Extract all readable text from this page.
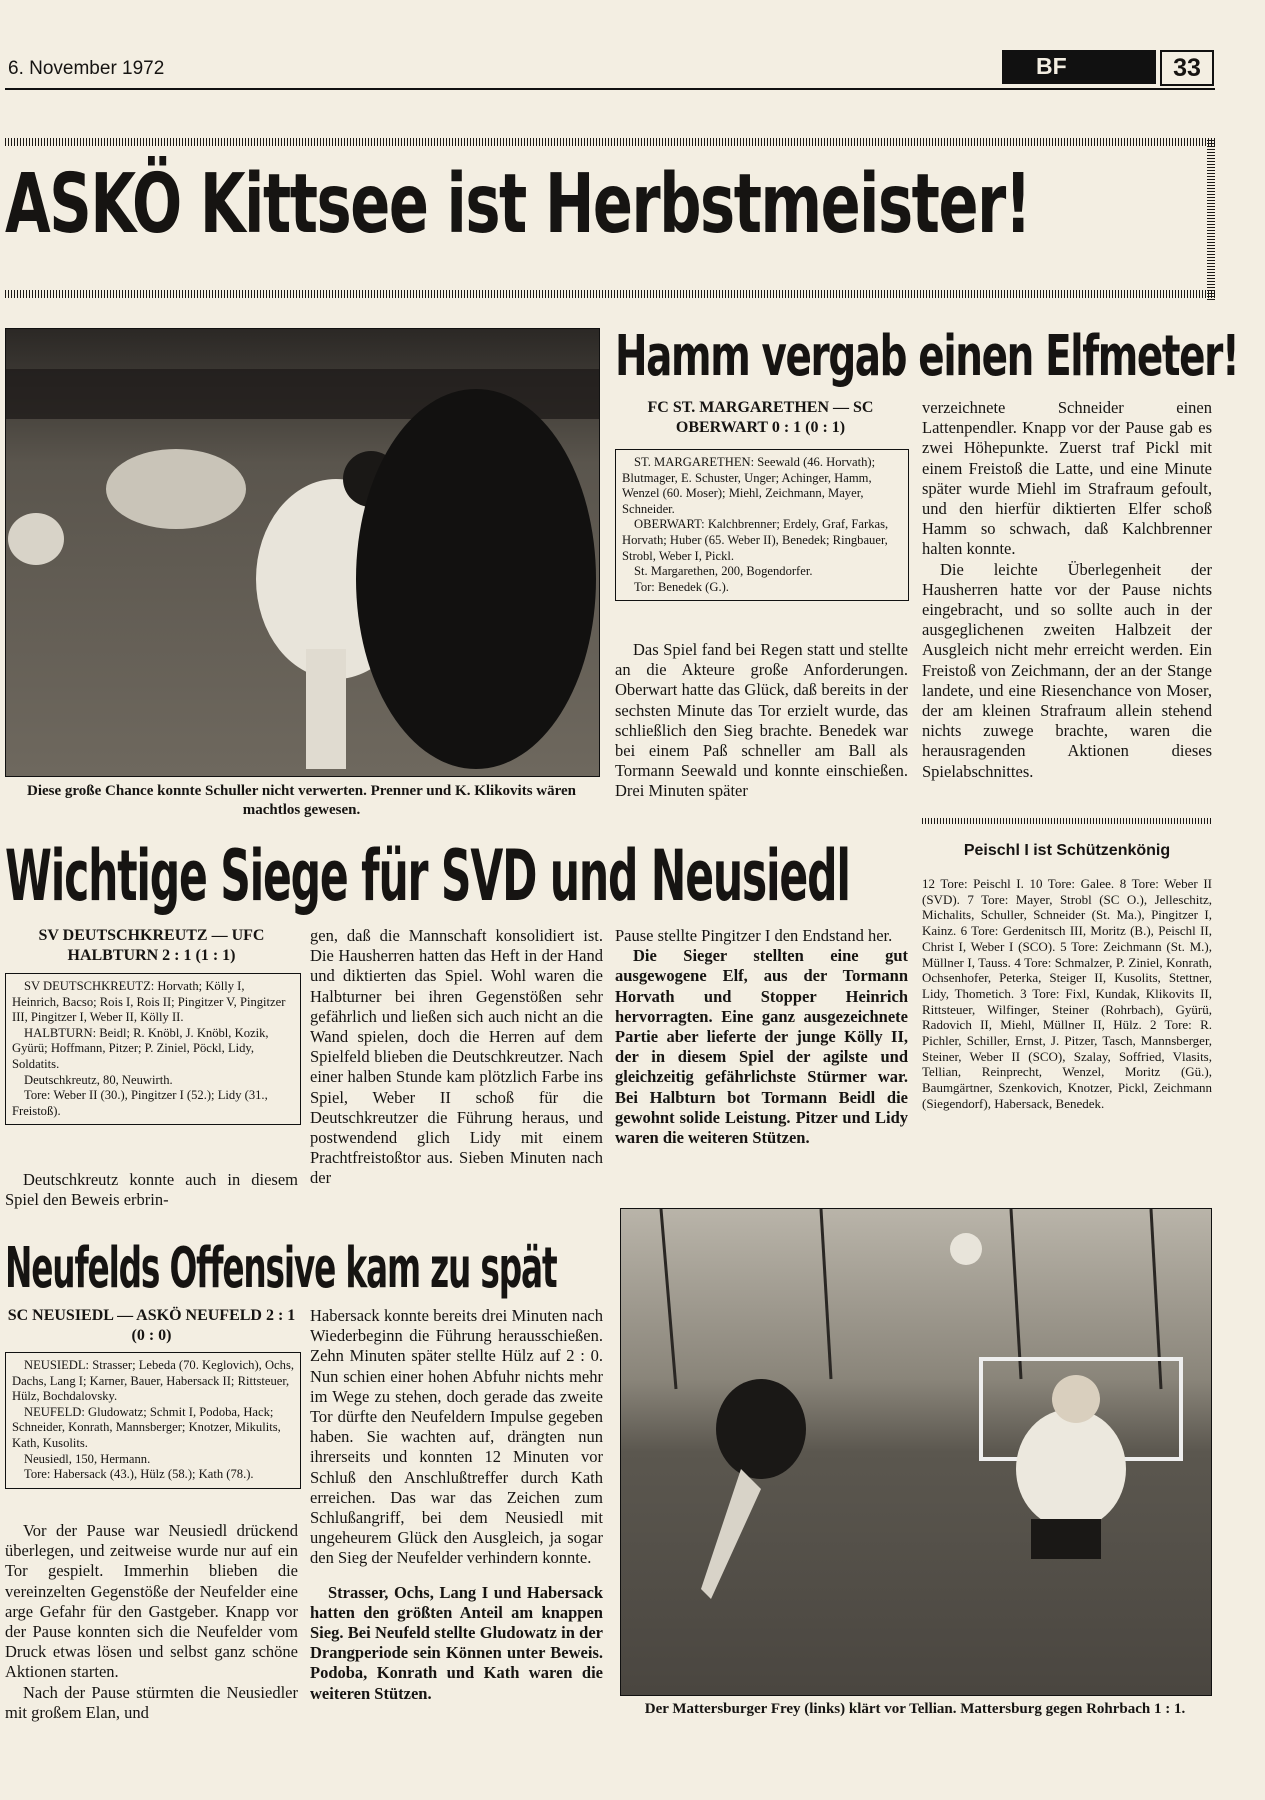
6. November 1972	BF	33
ASKÖ Kittsee ist Herbstmeister!
Diese große Chance konnte Schuller nicht verwerten. Prenner und K. Klikovits wären machtlos gewesen.
Hamm vergab einen Elfmeter!
FC ST. MARGARETHEN — SC OBERWART 0 : 1 (0 : 1)

ST. MARGARETHEN: Seewald (46. Horvath); Blutmager, E. Schuster, Unger; Achinger, Hamm, Wenzel (60. Moser); Miehl, Zeichmann, Mayer, Schneider.

OBERWART: Kalchbrenner; Erdely, Graf, Farkas, Horvath; Huber (65. Weber II), Benedek; Ringbauer, Strobl, Weber I, Pickl.

St. Margarethen, 200, Bogendorfer.

Tor: Benedek (G.).

Das Spiel fand bei Regen statt und stellte an die Akteure große Anforderungen. Oberwart hatte das Glück, daß bereits in der sechsten Minute das Tor erzielt wurde, das schließlich den Sieg brachte. Benedek war bei einem Paß schneller am Ball als Tormann Seewald und konnte einschießen. Drei Minuten später

verzeichnete Schneider einen Lattenpendler. Knapp vor der Pause gab es zwei Höhepunkte. Zuerst traf Pickl mit einem Freistoß die Latte, und eine Minute später wurde Miehl im Strafraum gefoult, und den hierfür diktierten Elfer schoß Hamm so schwach, daß Kalchbrenner halten konnte.

Die leichte Überlegenheit der Hausherren hatte vor der Pause nichts eingebracht, und so sollte auch in der ausgeglichenen zweiten Halbzeit der Ausgleich nicht mehr erreicht werden. Ein Freistoß von Zeichmann, der an der Stange landete, und eine Riesenchance von Moser, der am kleinen Strafraum allein stehend nichts zuwege brachte, waren die herausragenden Aktionen dieses Spielabschnittes.

Peischl I ist Schützenkönig
12 Tore: Peischl I. 10 Tore: Galee. 8 Tore: Weber II (SVD). 7 Tore: Mayer, Strobl (SC O.), Jelleschitz, Michalits, Schuller, Schneider (St. Ma.), Pingitzer I, Kainz. 6 Tore: Gerdenitsch III, Moritz (B.), Peischl II, Christ I, Weber I (SCO). 5 Tore: Zeichmann (St. M.), Müllner I, Tauss. 4 Tore: Schmalzer, P. Ziniel, Konrath, Ochsenhofer, Peterka, Steiger II, Kusolits, Stettner, Lidy, Thometich. 3 Tore: Fixl, Kundak, Klikovits II, Rittsteuer, Wilfinger, Steiner (Rohrbach), Gyürü, Radovich II, Miehl, Müllner II, Hülz. 2 Tore: R. Pichler, Schiller, Ernst, J. Pitzer, Tasch, Mannsberger, Steiner, Weber II (SCO), Szalay, Soffried, Vlasits, Tellian, Reinprecht, Wenzel, Moritz (Gü.), Baumgärtner, Szenkovich, Knotzer, Pickl, Zeichmann (Siegendorf), Habersack, Benedek.
Wichtige Siege für SVD und Neusiedl
SV DEUTSCHKREUTZ — UFC HALBTURN 2 : 1 (1 : 1)

SV DEUTSCHKREUTZ: Horvath; Kölly I, Heinrich, Bacso; Rois I, Rois II; Pingitzer V, Pingitzer III, Pingitzer I, Weber II, Kölly II.

HALBTURN: Beidl; R. Knöbl, J. Knöbl, Kozik, Gyürü; Hoffmann, Pitzer; P. Ziniel, Pöckl, Lidy, Soldatits.

Deutschkreutz, 80, Neuwirth.

Tore: Weber II (30.), Pingitzer I (52.); Lidy (31., Freistoß).

Deutschkreutz konnte auch in diesem Spiel den Beweis erbrin-

gen, daß die Mannschaft konsolidiert ist. Die Hausherren hatten das Heft in der Hand und diktierten das Spiel. Wohl waren die Halbturner bei ihren Gegenstößen sehr gefährlich und ließen sich auch nicht an die Wand spielen, doch die Herren auf dem Spielfeld blieben die Deutschkreutzer. Nach einer halben Stunde kam plötzlich Farbe ins Spiel, Weber II schoß für die Deutschkreutzer die Führung heraus, und postwendend glich Lidy mit einem Prachtfreistoßtor aus. Sieben Minuten nach der

Pause stellte Pingitzer I den Endstand her.

Die Sieger stellten eine gut ausgewogene Elf, aus der Tormann Horvath und Stopper Heinrich hervorragten. Eine ganz ausgezeichnete Partie aber lieferte der junge Kölly II, der in diesem Spiel der agilste und gleichzeitig gefährlichste Stürmer war. Bei Halbturn bot Tormann Beidl die gewohnt solide Leistung. Pitzer und Lidy waren die weiteren Stützen.

Neufelds Offensive kam zu spät
SC NEUSIEDL — ASKÖ NEUFELD 2 : 1 (0 : 0)

NEUSIEDL: Strasser; Lebeda (70. Keglovich), Ochs, Dachs, Lang I; Karner, Bauer, Habersack II; Rittsteuer, Hülz, Bochdalovsky.

NEUFELD: Gludowatz; Schmit I, Podoba, Hack; Schneider, Konrath, Mannsberger; Knotzer, Mikulits, Kath, Kusolits.

Neusiedl, 150, Hermann.

Tore: Habersack (43.), Hülz (58.); Kath (78.).

Vor der Pause war Neusiedl drückend überlegen, und zeitweise wurde nur auf ein Tor gespielt. Immerhin blieben die vereinzelten Gegenstöße der Neufelder eine arge Gefahr für den Gastgeber. Knapp vor der Pause konnten sich die Neufelder vom Druck etwas lösen und selbst ganz schöne Aktionen starten.

Nach der Pause stürmten die Neusiedler mit großem Elan, und

Habersack konnte bereits drei Minuten nach Wiederbeginn die Führung herausschießen. Zehn Minuten später stellte Hülz auf 2 : 0. Nun schien einer hohen Abfuhr nichts mehr im Wege zu stehen, doch gerade das zweite Tor dürfte den Neufeldern Impulse gegeben haben. Sie wachten auf, drängten nun ihrerseits und konnten 12 Minuten vor Schluß den Anschlußtreffer durch Kath erreichen. Das war das Zeichen zum Schlußangriff, bei dem Neusiedl mit ungeheurem Glück den Ausgleich, ja sogar den Sieg der Neufelder verhindern konnte.

Strasser, Ochs, Lang I und Habersack hatten den größten Anteil am knappen Sieg. Bei Neufeld stellte Gludowatz in der Drangperiode sein Können unter Beweis. Podoba, Konrath und Kath waren die weiteren Stützen.

Der Mattersburger Frey (links) klärt vor Tellian. Mattersburg gegen Rohrbach 1 : 1.
